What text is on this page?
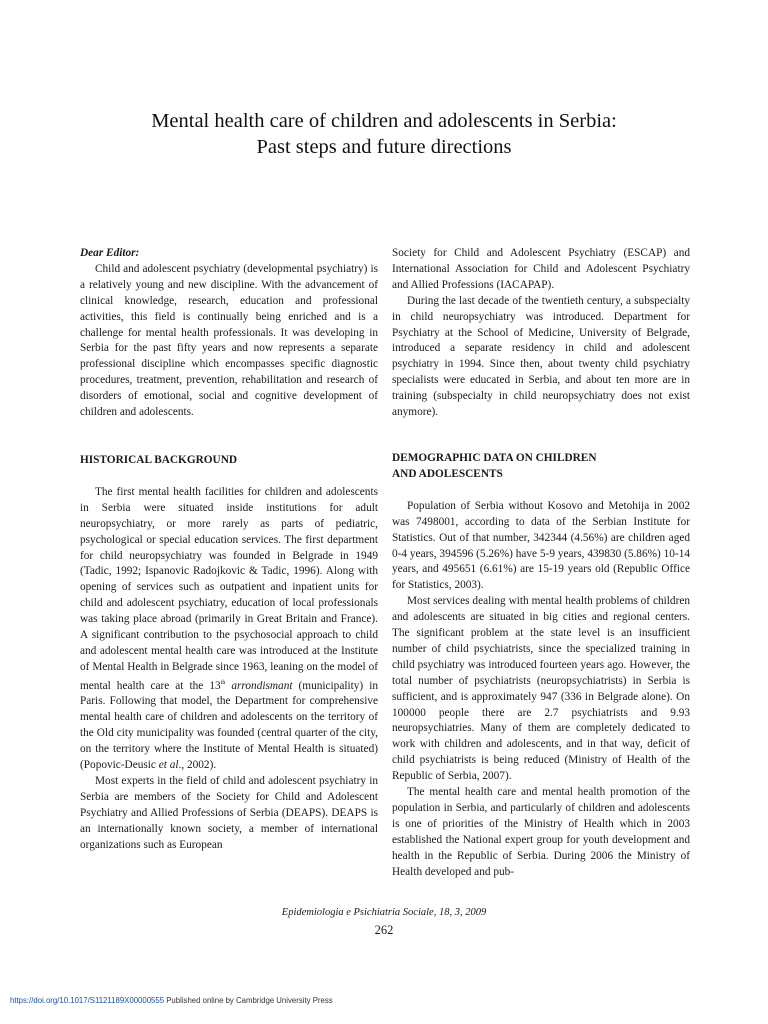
Mental health care of children and adolescents in Serbia:
Past steps and future directions

Dear Editor:

Child and adolescent psychiatry (developmental psychiatry) is a relatively young and new discipline. With the advancement of clinical knowledge, research, education and professional activities, this field is continually being enriched and is a challenge for mental health professionals. It was developing in Serbia for the past fifty years and now represents a separate professional discipline which encompasses specific diagnostic procedures, treatment, prevention, rehabilitation and research of disorders of emotional, social and cognitive development of children and adolescents.

HISTORICAL BACKGROUND

The first mental health facilities for children and adolescents in Serbia were situated inside institutions for adult neuropsychiatry, or more rarely as parts of pediatric, psychological or special education services. The first department for child neuropsychiatry was founded in Belgrade in 1949 (Tadic, 1992; Ispanovic Radojkovic & Tadic, 1996). Along with opening of services such as outpatient and inpatient units for child and adolescent psychiatry, education of local professionals was taking place abroad (primarily in Great Britain and France). A significant contribution to the psychosocial approach to child and adolescent mental health care was introduced at the Institute of Mental Health in Belgrade since 1963, leaning on the model of mental health care at the 13th arrondismant (municipality) in Paris. Following that model, the Department for comprehensive mental health care of children and adolescents on the territory of the Old city municipality was founded (central quarter of the city, on the territory where the Institute of Mental Health is situated) (Popovic-Deusic et al., 2002).

Most experts in the field of child and adolescent psychiatry in Serbia are members of the Society for Child and Adolescent Psychiatry and Allied Professions of Serbia (DEAPS). DEAPS is an internationally known society, a member of international organizations such as European

Society for Child and Adolescent Psychiatry (ESCAP) and International Association for Child and Adolescent Psychiatry and Allied Professions (IACAPAP).

During the last decade of the twentieth century, a subspecialty in child neuropsychiatry was introduced. Department for Psychiatry at the School of Medicine, University of Belgrade, introduced a separate residency in child and adolescent psychiatry in 1994. Since then, about twenty child psychiatry specialists were educated in Serbia, and about ten more are in training (subspecialty in child neuropsychiatry does not exist anymore).

DEMOGRAPHIC DATA ON CHILDREN
AND ADOLESCENTS

Population of Serbia without Kosovo and Metohija in 2002 was 7498001, according to data of the Serbian Institute for Statistics. Out of that number, 342344 (4.56%) are children aged 0-4 years, 394596 (5.26%) have 5-9 years, 439830 (5.86%) 10-14 years, and 495651 (6.61%) are 15-19 years old (Republic Office for Statistics, 2003).

Most services dealing with mental health problems of children and adolescents are situated in big cities and regional centers. The significant problem at the state level is an insufficient number of child psychiatrists, since the specialized training in child psychiatry was introduced fourteen years ago. However, the total number of psychiatrists (neuropsychiatrists) in Serbia is sufficient, and is approximately 947 (336 in Belgrade alone). On 100000 people there are 2.7 psychiatrists and 9.93 neuropsychiatries. Many of them are completely dedicated to work with children and adolescents, and in that way, deficit of child psychiatrists is being reduced (Ministry of Health of the Republic of Serbia, 2007).

The mental health care and mental health promotion of the population in Serbia, and particularly of children and adolescents is one of priorities of the Ministry of Health which in 2003 established the National expert group for youth development and health in the Republic of Serbia. During 2006 the Ministry of Health developed and pub-

Epidemiologia e Psichiatria Sociale, 18, 3, 2009
262
https://doi.org/10.1017/S1121189X00000555 Published online by Cambridge University Press
